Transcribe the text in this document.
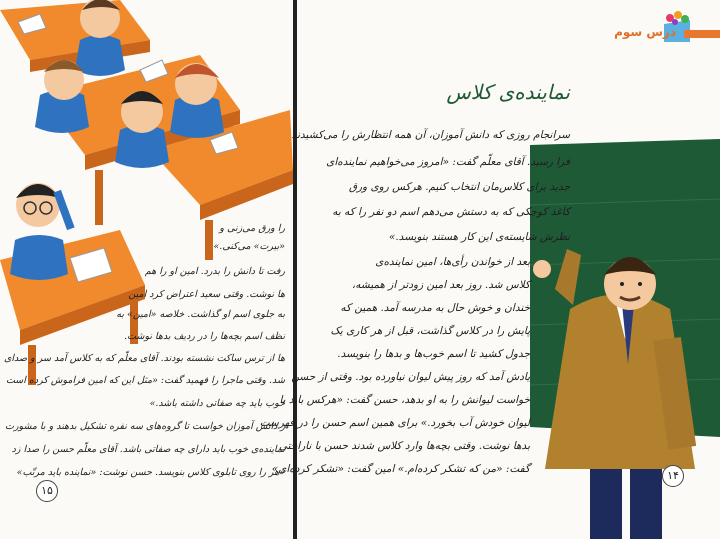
را ورق می‌زنی و
«بیرت» می‌کنی.»
رفت تا دانش را بدرد. امین او را هم
ها نوشت. وقتی سعید اعتراض کرد امین
به جلوی اسم او گذاشت. خلاصه «امین» به
نظف اسم بچه‌ها را در ردیف بدها نوشت.
ها از ترس ساکت نشسته بودند. آقای معلّم که به کلاس آمد سر و صدای
شد. وقتی ماجرا را فهمید گفت: «مثل این که امین فراموش کرده است
خوب باید چه صفاتی داشته باشد.»
ز دانش آموزان خواست تا گروه‌های سه نفره تشکیل بدهند و با مشورت
نماینده‌ی خوب باید دارای چه صفاتی باشد. آقای معلّم حسن را صدا زد
«هر را روی تابلوی کلاس بنویسد. حسن نوشت: «نماینده باید مرتّب»
۱۵
درس سوم
نماینده‌ی کلاس
سرانجام روزی که دانش آموزان، آن همه انتظارش را می‌کشیدند
فرا رسید. آقای معلّم گفت: «امروز می‌خواهیم نماینده‌ای
جدید برای کلاس‌مان انتخاب کنیم. هرکس روی ورق
کاغذ کوچکی که به دستش می‌دهم اسم دو نفر را که به
نظرش شایسته‌ی این کار هستند بنویسد.»
بعد از خواندن رأی‌ها، امین نماینده‌ی
کلاس شد. روز بعد امین زودتر از همیشه،
خندان و خوش حال به مدرسه آمد. همین که
پایش را در کلاس گذاشت، قبل از هر کاری یک
جدول کشید تا اسم خوب‌ها و بدها را بنویسد.
یادش آمد که روز پیش لیوان نیاورده بود. وقتی از حسن
خواست لیوانش را به او بدهد، حسن گفت: «هرکس باید با
لیوان خودش آب بخورد.» برای همین اسم حسن را در فهرست
بدها نوشت. وقتی بچه‌ها وارد کلاس شدند حسن با ناراحتی
گفت: «من که تشکر کرده‌ام.» امین گفت: «تشکر کرده‌ای»	۱۴
